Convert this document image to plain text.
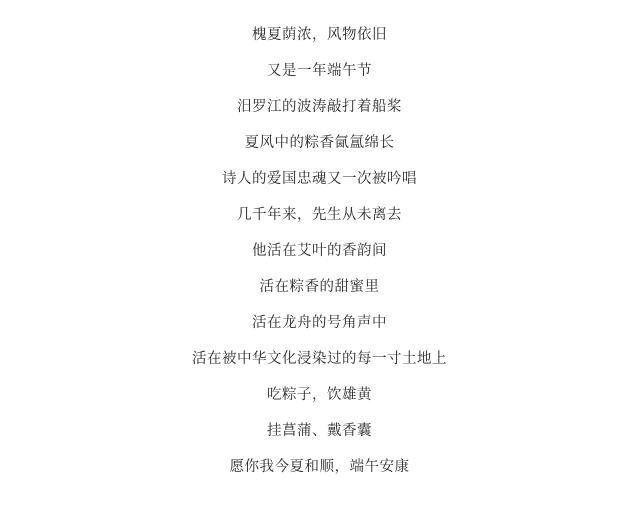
槐夏荫浓，风物依旧
又是一年端午节
汨罗江的波涛敲打着船桨
夏风中的粽香氤氲绵长
诗人的爱国忠魂又一次被吟唱
几千年来，先生从未离去
他活在艾叶的香韵间
活在粽香的甜蜜里
活在龙舟的号角声中
活在被中华文化浸染过的每一寸土地上
吃粽子，饮雄黄
挂菖蒲、戴香囊
愿你我今夏和顺，端午安康
